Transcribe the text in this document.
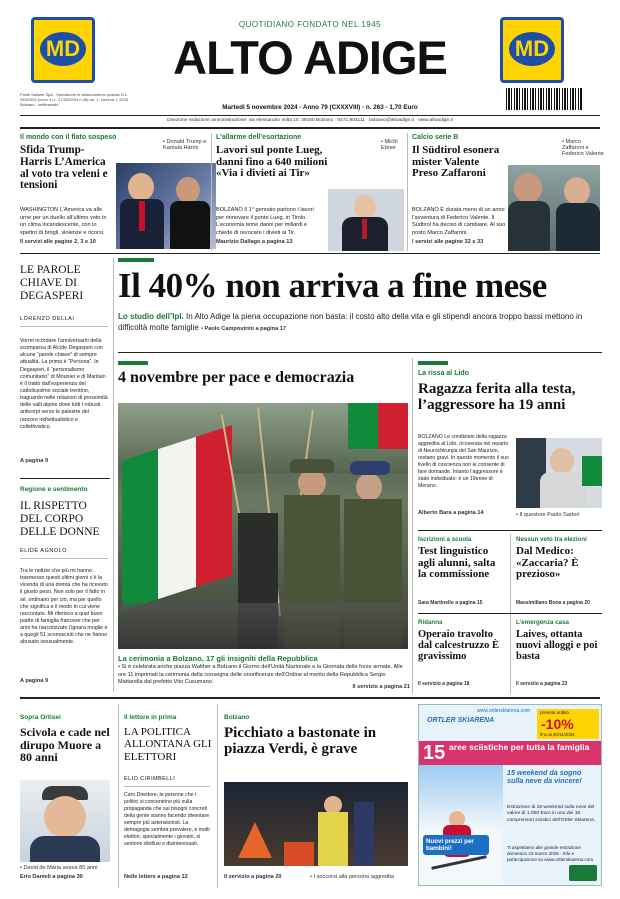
MD	MD
QUOTIDIANO FONDATO NEL 1945
ALTO ADIGE
Poste Italiane SpA - Spedizione in abbonamento postale D.L. 353/2003 (conv. in L. 27/02/2004 n.46) art. 1, comma 1, DCB Bolzano - settimanale	Martedì 5 novembre 2024 - Anno 79 (CXXXVIII) - n. 263 - 1,70 Euro
Direzione redazione amministrazione: via Alessandro Volta 10, 39100 Bolzano · 0471.904111 · bolzano@altoadige.it · www.altoadige.it
Il mondo con il fiato sospeso
Sfida Trump-Harris L’America al voto tra veleni e tensioni
WASHINGTON L’America va alle urne per un duello all’ultimo voto in un clima incandescente, con lo spettro di brogli, violenze e ricorsi.
Il servizi alle pagine 2, 3 e 10
• Donald Trump e Kamala Harris
L’allarme dell’esortazione
Lavori sul ponte Lueg, danni fino a 640 milioni «Via i divieti ai Tir»
BOLZANO Il 1° gennaio partono i lavori per rinnovare il ponte Lueg, in Tirolo. L’economia teme danni per miliardi e chiede di revocare i divieti ai Tir.
Maurizio Dallago a pagina 13
• Michl Ebner
Calcio serie B
Il Südtirol esonera mister Valente Preso Zaffaroni
BOLZANO È durata meno di un anno l’avventura di Federico Valente. Il Südtirol ha deciso di cambiare. Al suo posto Marco Zaffaroni.
I servizi alle pagine 32 e 33
• Marco Zaffaroni e Federico Valente
LE PAROLE CHIAVE DI DEGASPERI
LORENZO DELLAI
Vorrei ricordare l’anniversario della scomparsa di Alcide Degasperi con alcune “parole chiave” di sempre attualità. La prima è “Persona”. In Degasperi, il “personalismo comunitario” di Mounier e di Maritain è il tratto dall’esperienza del cattolicesimo sociale trentino, traguardo nelle relazioni di prossimità delle valli alpine dove tutti i robusti anticorpi verso le palestre del rancore individualistico e collettivistico.
A pagina 9
Regione e sentimento
IL RISPETTO DEL CORPO DELLE DONNE
ELIDE AGNOLO
Tra le notizie che più mi hanno trasmesso questi ultimi giorni c’è la vicenda di una donna che ha ricevuto il giusto peso. Non solo per il fatto in sé, ordinario per ciò, ma per quello che significa e il modo in cui viene raccontato. Mi riferisco a quel buon padre di famiglia francese che per anni ha narcotizzato l’ignara moglie e a quegli 51 sconosciuti che ne hanno abusato sessualmente.
A pagina 9
Il 40% non arriva a fine mese
Lo studio dell’Ipl. In Alto Adige la piena occupazione non basta: il costo alto della vita e gli stipendi ancora troppo bassi mettono in difficoltà molte famiglie • Paolo Campostrini a pagina 17
4 novembre per pace e democrazia
La cerimonia a Bolzano, 17 gli insigniti della Repubblica
• Si è celebrata anche piazza Walther a Bolzano il Giorno dell’Unità Nazionale e la Giornata delle forze armate. Alle ore 11 imprimati la cerimonia della consegna delle onorificenze dell’Ordine al merito della Repubblica Sergio Mattarella dal prefetto Vito Cusumano.
Il servizio a pagina 21
La rissa al Lido
Ragazza ferita alla testa, l’aggressore ha 19 anni
BOLZANO Le condizioni della ragazza aggredita al Lido, ricoverata nel reparto di Neurochirurgia del San Maurizio, restano gravi. In questo momento il suo livello di coscienza non le consente di fare domande. Intanto l’aggressore è stato individuato: è un 19enne di Merano.
Alberto Bara a pagina 14	• Il questore Paolo Sartori
Iscrizioni a scuola
Test linguistico agli alunni, salta la commissione
Sara Martinello a pagina 15
Nessun veto tra elezioni
Dal Medico: «Zaccaria? È prezioso»
Massimiliano Bona a pagina 20
Ridanna
Operaio travolto dal calcestruzzo È gravissimo
Il servizio a pagina 18
L’emergenza casa
Laives, ottanta nuovi alloggi e poi basta
Il servizio a pagina 23
Sopra Ortisei
Scivola e cade nel dirupo Muore a 80 anni
• David de Maria aveva 80 anni
Erio Danieli a pagina 30
Il lettore in prima
LA POLITICA ALLONTANA GLI ELETTORI
ELIO CIRIMBELLI
Caro Direttore, le persone che i politici si concentrino più sulla propaganda che sui bisogni concreti della gente stanno facendo diventare sempre più astensionisti. La demagogia sembra prevalere, e molti elettori, specialmente i giovani, si sentono disillusi e disinteressati.
Nelle lettere a pagina 12
Bolzano
Picchiato a bastonate in piazza Verdi, è grave
Il servizio a pagina 20	• I soccorsi alla persona aggredita
www.ortlerskiarena.com
ORTLER SKIARENA
prenota subito
-10%
fino al 30/11/2024
15 aree sciistiche per tutta la famiglia
Nuovi prezzi per bambini!
15 weekend da sogno sulla neve da vincere!
Estrazione di 15 weekend sulla neve del valore di 1.000 Euro in uno dei 15 comprensori sciistici dell’Ortler Skiarena.
Ti aspettiamo alle grande estrazione domenica 23 marzo 2025 - lnfo e partecipazione su www.ortlerskiarena.com
